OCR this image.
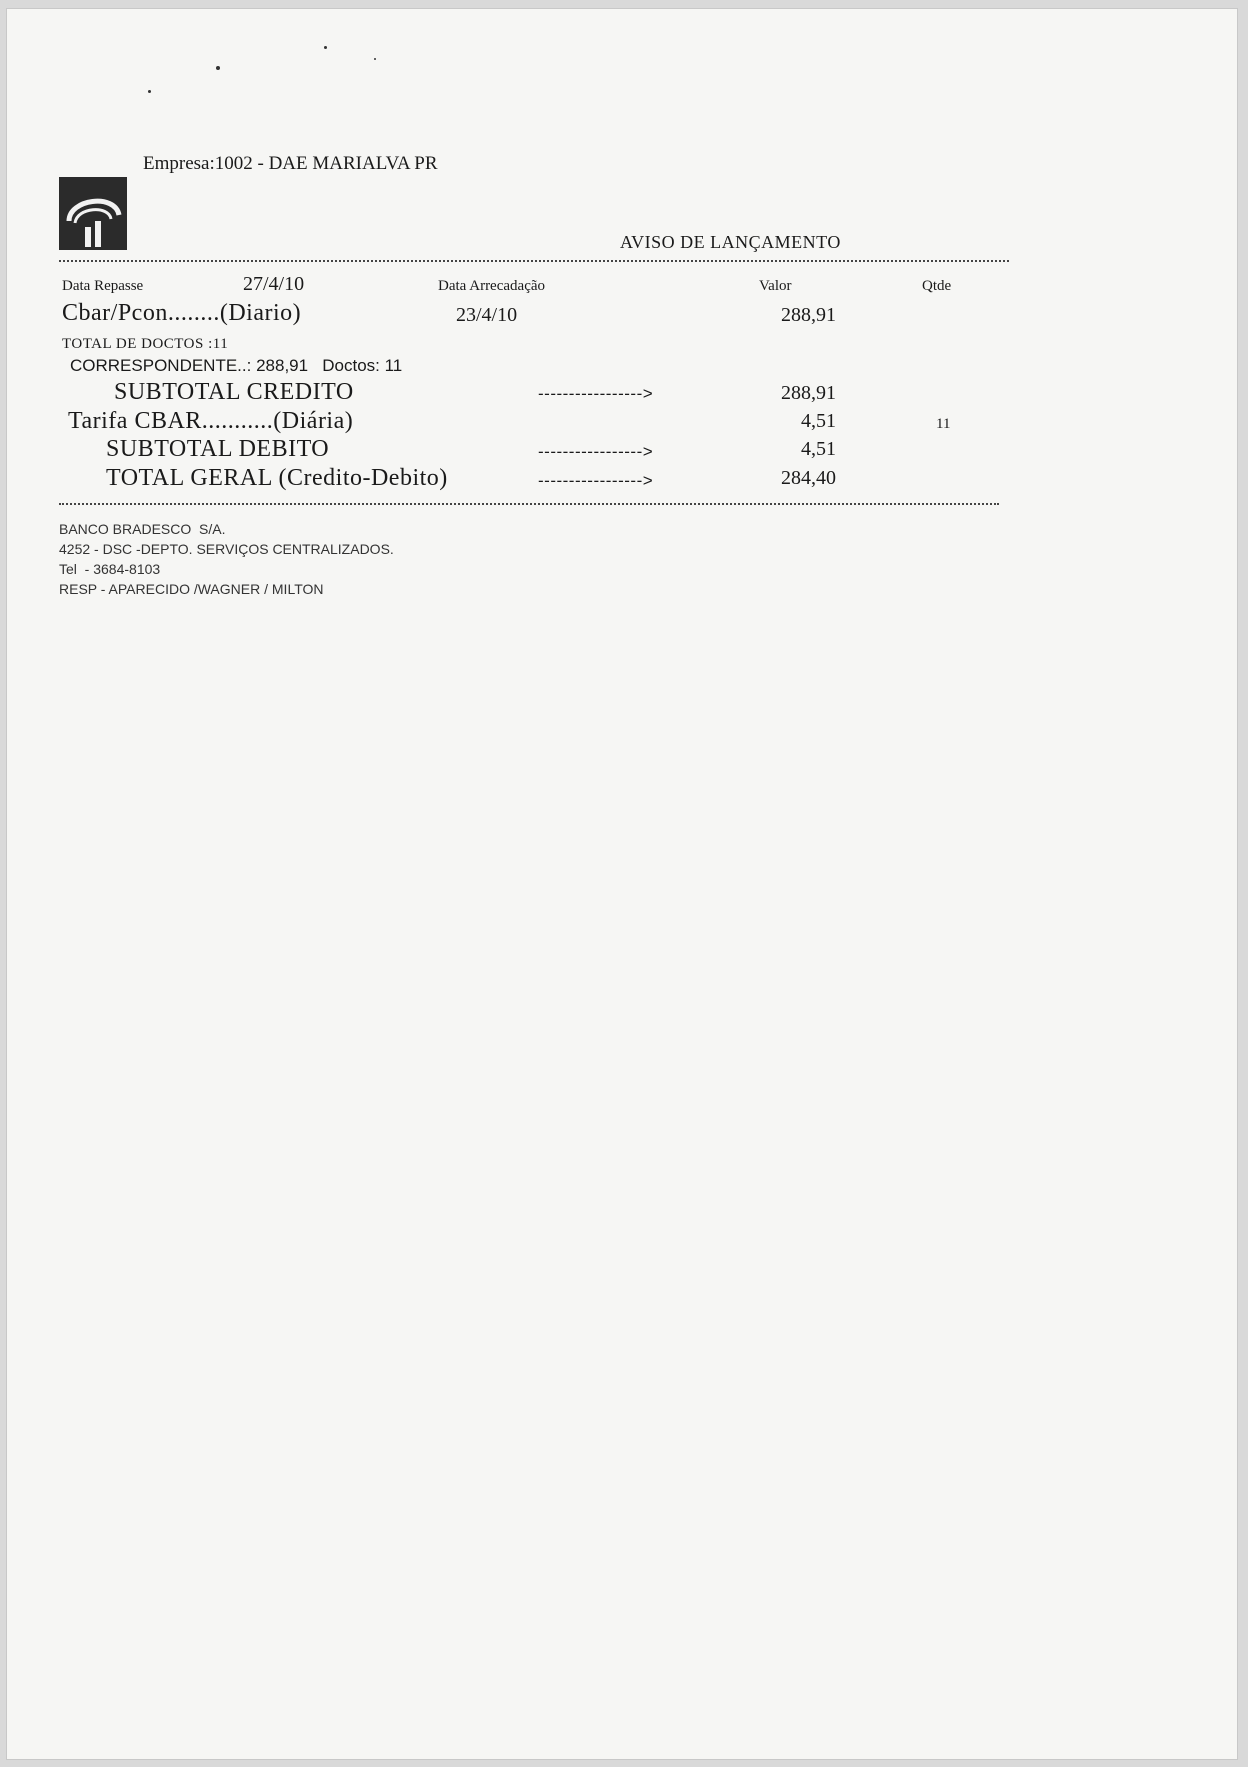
Empresa:1002 - DAE MARIALVA PR
AVISO DE LANÇAMENTO
Data Repasse	27/4/10	Data Arrecadação	Valor	Qtde
Cbar/Pcon........(Diario)	23/4/10	288,91
TOTAL DE DOCTOS :11
CORRESPONDENTE..: 288,91   Doctos: 11
SUBTOTAL CREDITO	----------------->	288,91
Tarifa CBAR...........(Diária)	4,51	11
SUBTOTAL DEBITO	----------------->	4,51
TOTAL GERAL (Credito-Debito)	----------------->	284,40
BANCO BRADESCO  S/A.
4252 - DSC -DEPTO. SERVIÇOS CENTRALIZADOS.
Tel  - 3684-8103
RESP - APARECIDO /WAGNER / MILTON
